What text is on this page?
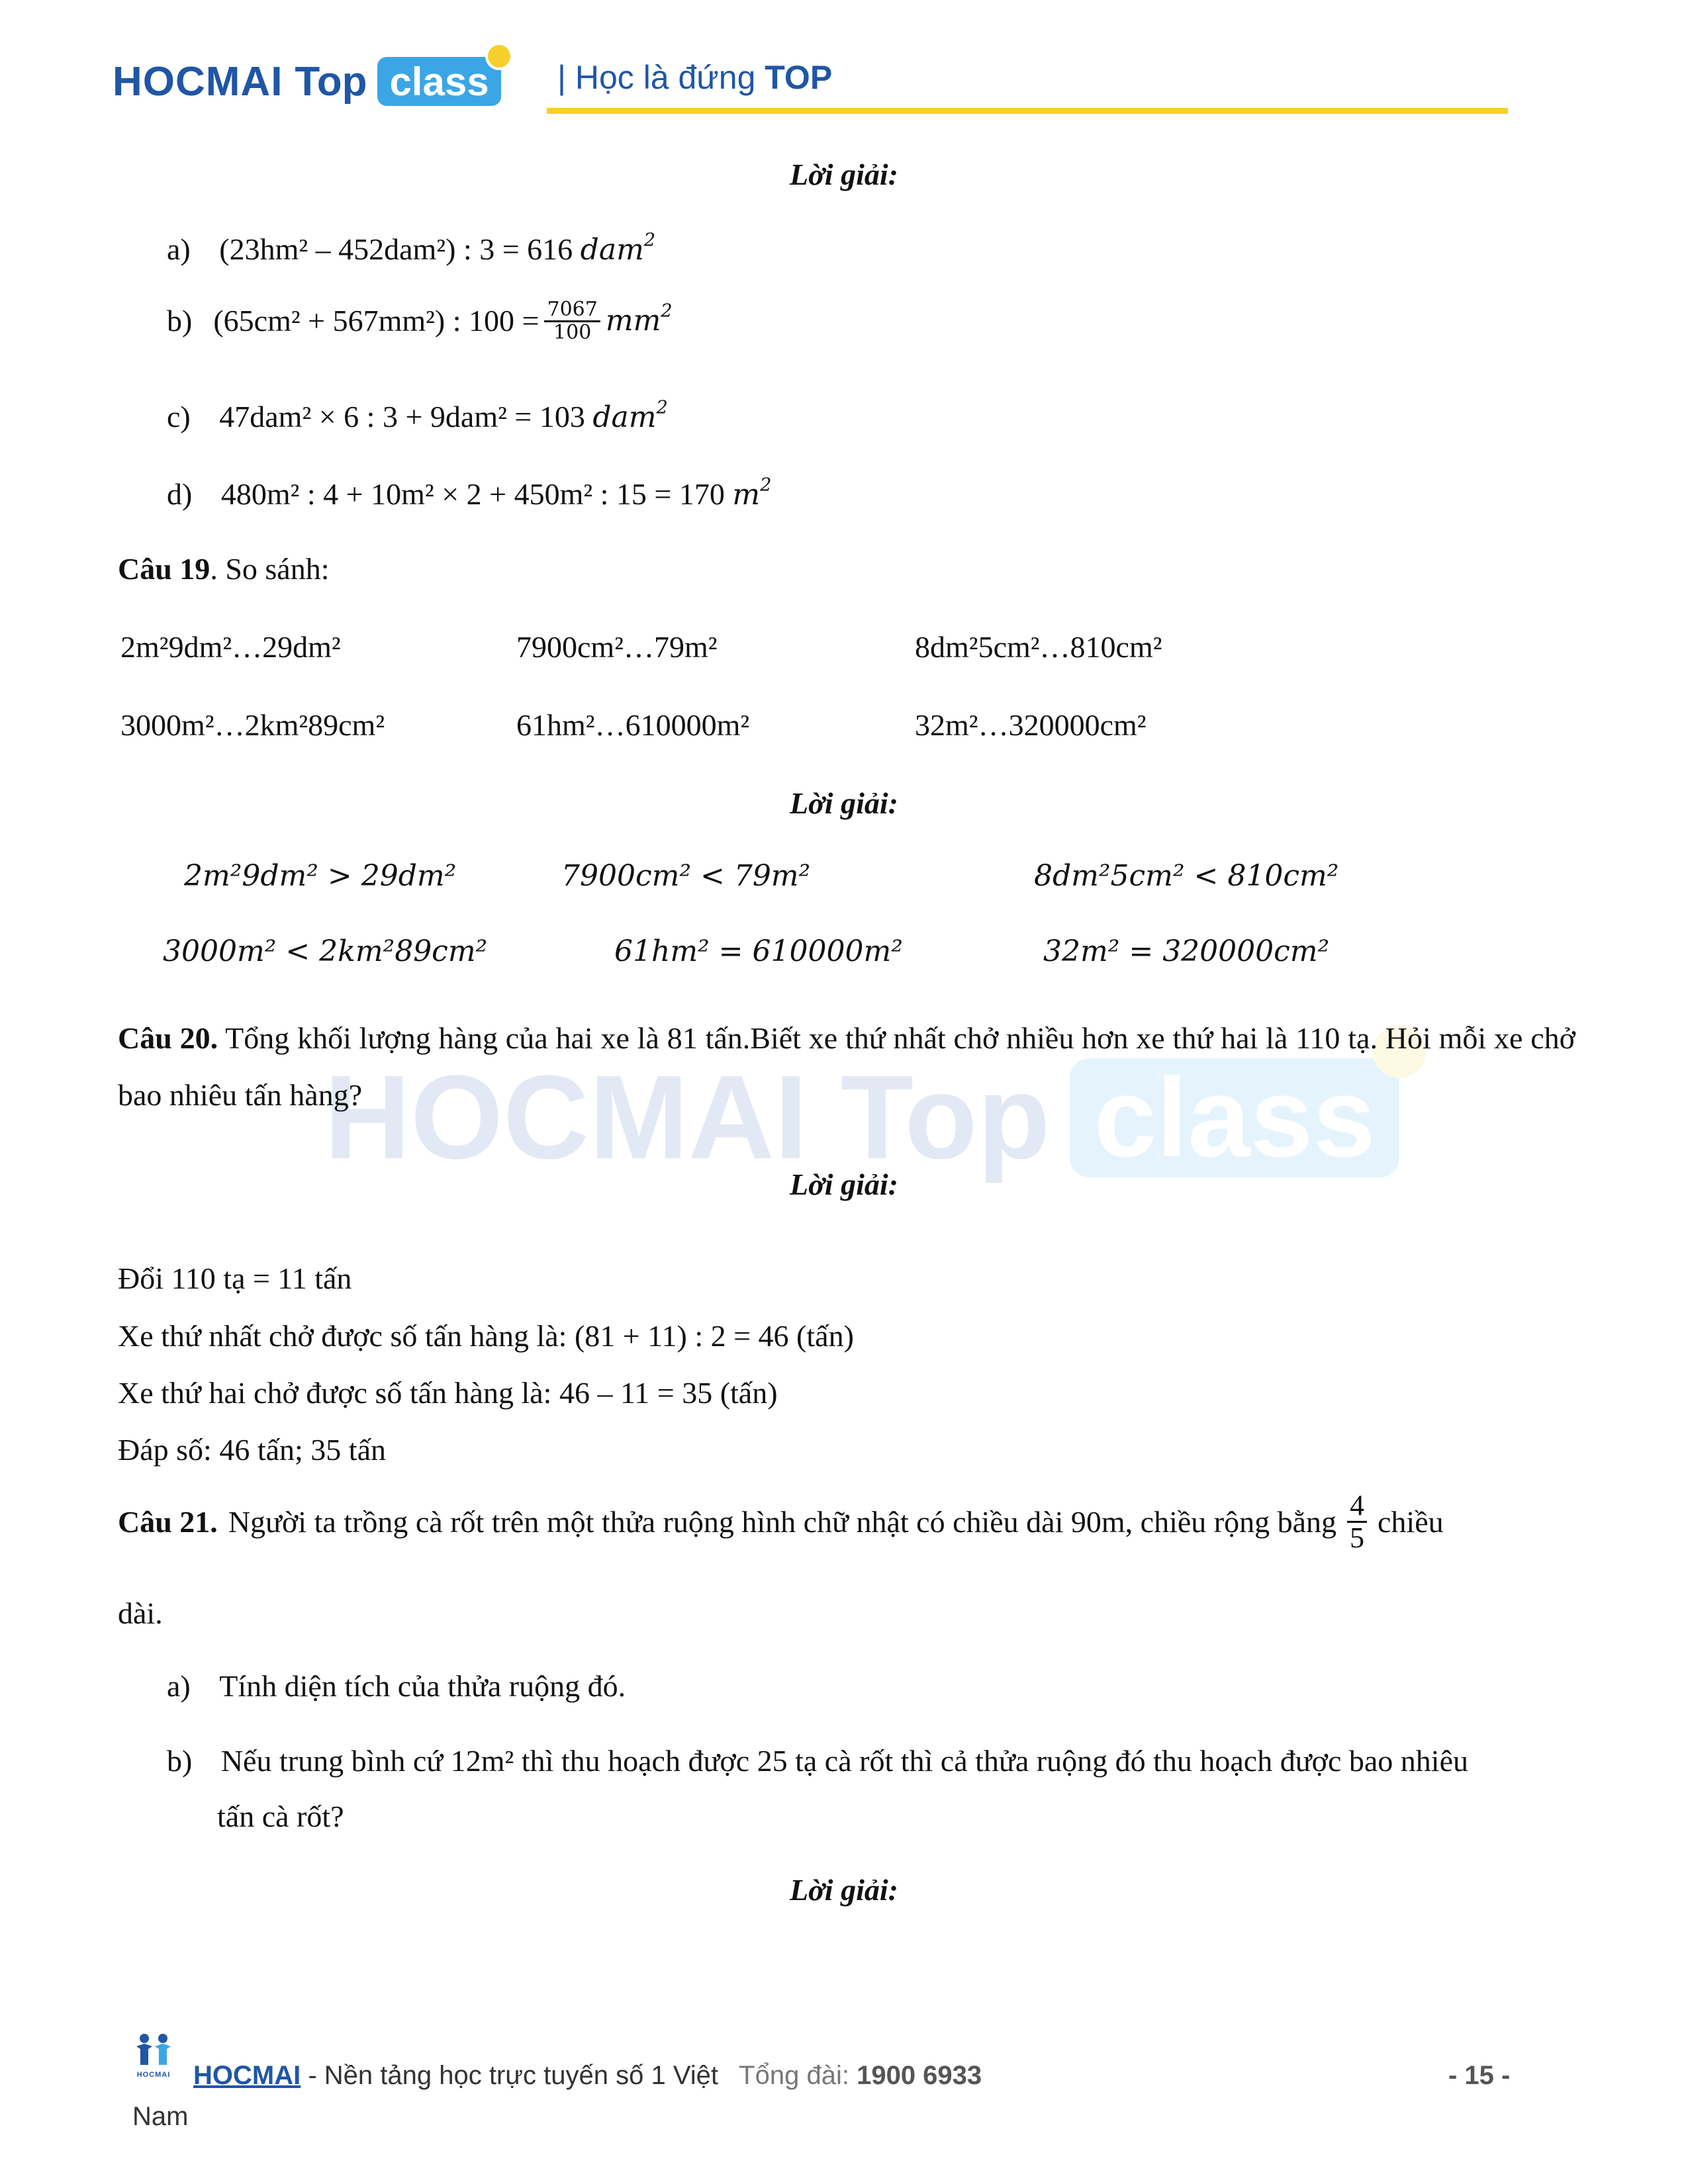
HOCMAI Top class | Học là đứng TOP
HOCMAI Top class
Lời giải:
a) (23hm² – 452dam²) : 3 = 616 dam$^2$
b) (65cm² + 567mm²) : $100 = \frac{7067}{100} mm^2$
c) 47dam² × 6 : 3 + 9dam² = 103 dam$^2$
d) 480m² : 4 + 10m² × 2 + 450m² : 15 = 170 $m^2$
Câu 19. So sánh:
2m²9dm²…29dm²	7900cm²…79m²	8dm²5cm²…810cm²
3000m²…2km²89cm²	61hm²…610000m²	32m²…320000cm²
Lời giải:
2m²9dm² > 29dm²	7900cm² < 79m²	8dm²5cm² < 810cm²
3000m² < 2km²89cm²	61hm² = 610000m²	32m² = 320000cm²
Câu 20. Tổng khối lượng hàng của hai xe là 81 tấn.Biết xe thứ nhất chở nhiều hơn xe thứ hai là 110 tạ. Hỏi mỗi xe chở bao nhiêu tấn hàng?
Lời giải:
Đổi 110 tạ = 11 tấn
Xe thứ nhất chở được số tấn hàng là: (81 + 11) : 2 = 46 (tấn)
Xe thứ hai chở được số tấn hàng là: 46 – 11 = 35 (tấn)
Đáp số: 46 tấn; 35 tấn
Câu 21. Người ta trồng cà rốt trên một thửa ruộng hình chữ nhật có chiều dài 90m, chiều rộng bằng $\frac{4}{5}$ chiều
dài.
a) Tính diện tích của thửa ruộng đó.
b) Nếu trung bình cứ 12m² thì thu hoạch được 25 tạ cà rốt thì cả thửa ruộng đó thu hoạch được bao nhiêu
tấn cà rốt?
Lời giải:
HOCMAI HOCMAI - Nền tảng học trực tuyến số 1 Việt Tổng đài: 1900 6933
Nam
- 15 -
